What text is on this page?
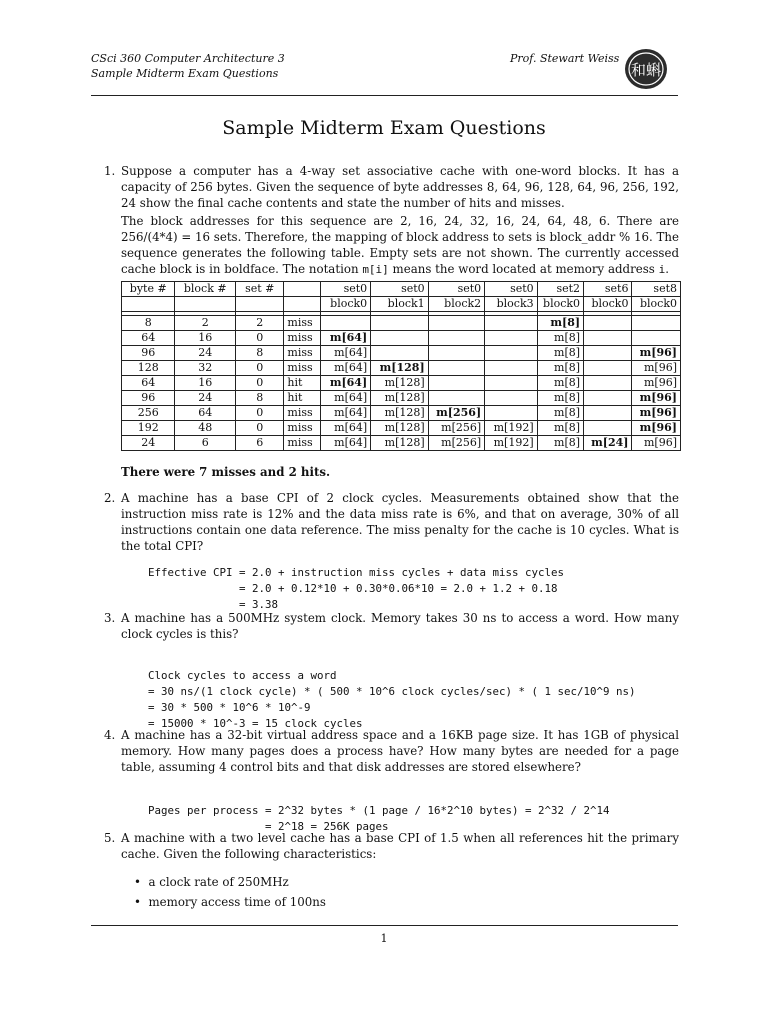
CSci 360 Computer Architecture 3
Sample Midterm Exam Questions
Prof. Stewart Weiss
和蝌
Sample Midterm Exam Questions
1. Suppose a computer has a 4-way set associative cache with one-word blocks. It has a capacity of 256 bytes. Given the sequence of byte addresses 8, 64, 96, 128, 64, 96, 256, 192, 24 show the final cache contents and state the number of hits and misses.
The block addresses for this sequence are 2, 16, 24, 32, 16, 24, 64, 48, 6. There are 256/(4*4) = 16 sets. Therefore, the mapping of block address to sets is block_addr % 16. The sequence generates the following table. Empty sets are not shown. The currently accessed cache block is in boldface. The notation m[i] means the word located at memory address i.
byte #	block #	set #		set0	set0	set0	set0	set2	set6	set8
				block0	block1	block2	block3	block0	block0	block0

8	2	2	miss					m[8]		
64	16	0	miss	m[64]				m[8]		
96	24	8	miss	m[64]				m[8]		m[96]
128	32	0	miss	m[64]	m[128]			m[8]		m[96]
64	16	0	hit	m[64]	m[128]			m[8]		m[96]
96	24	8	hit	m[64]	m[128]			m[8]		m[96]
256	64	0	miss	m[64]	m[128]	m[256]		m[8]		m[96]
192	48	0	miss	m[64]	m[128]	m[256]	m[192]	m[8]		m[96]
24	6	6	miss	m[64]	m[128]	m[256]	m[192]	m[8]	m[24]	m[96]
There were 7 misses and 2 hits.
2. A machine has a base CPI of 2 clock cycles. Measurements obtained show that the instruction miss rate is 12% and the data miss rate is 6%, and that on average, 30% of all instructions contain one data reference. The miss penalty for the cache is 10 cycles. What is the total CPI?

Effective CPI = 2.0 + instruction miss cycles + data miss cycles
= 2.0 + 0.12*10 + 0.30*0.06*10 = 2.0 + 1.2 + 0.18
= 3.38

3. A machine has a 500MHz system clock. Memory takes 30 ns to access a word. How many clock cycles is this?

Clock cycles to access a word
= 30 ns/(1 clock cycle) * ( 500 * 10^6 clock cycles/sec) * ( 1 sec/10^9 ns)
= 30 * 500 * 10^6 * 10^-9
= 15000 * 10^-3 = 15 clock cycles

4. A machine has a 32-bit virtual address space and a 16KB page size. It has 1GB of physical memory. How many pages does a process have? How many bytes are needed for a page table, assuming 4 control bits and that disk addresses are stored elsewhere?

Pages per process = 2^32 bytes * (1 page / 16*2^10 bytes) = 2^32 / 2^14
= 2^18 = 256K pages

5. A machine with a two level cache has a base CPI of 1.5 when all references hit the primary cache. Given the following characteristics:
•  a clock rate of 250MHz
•  memory access time of 100ns
1
